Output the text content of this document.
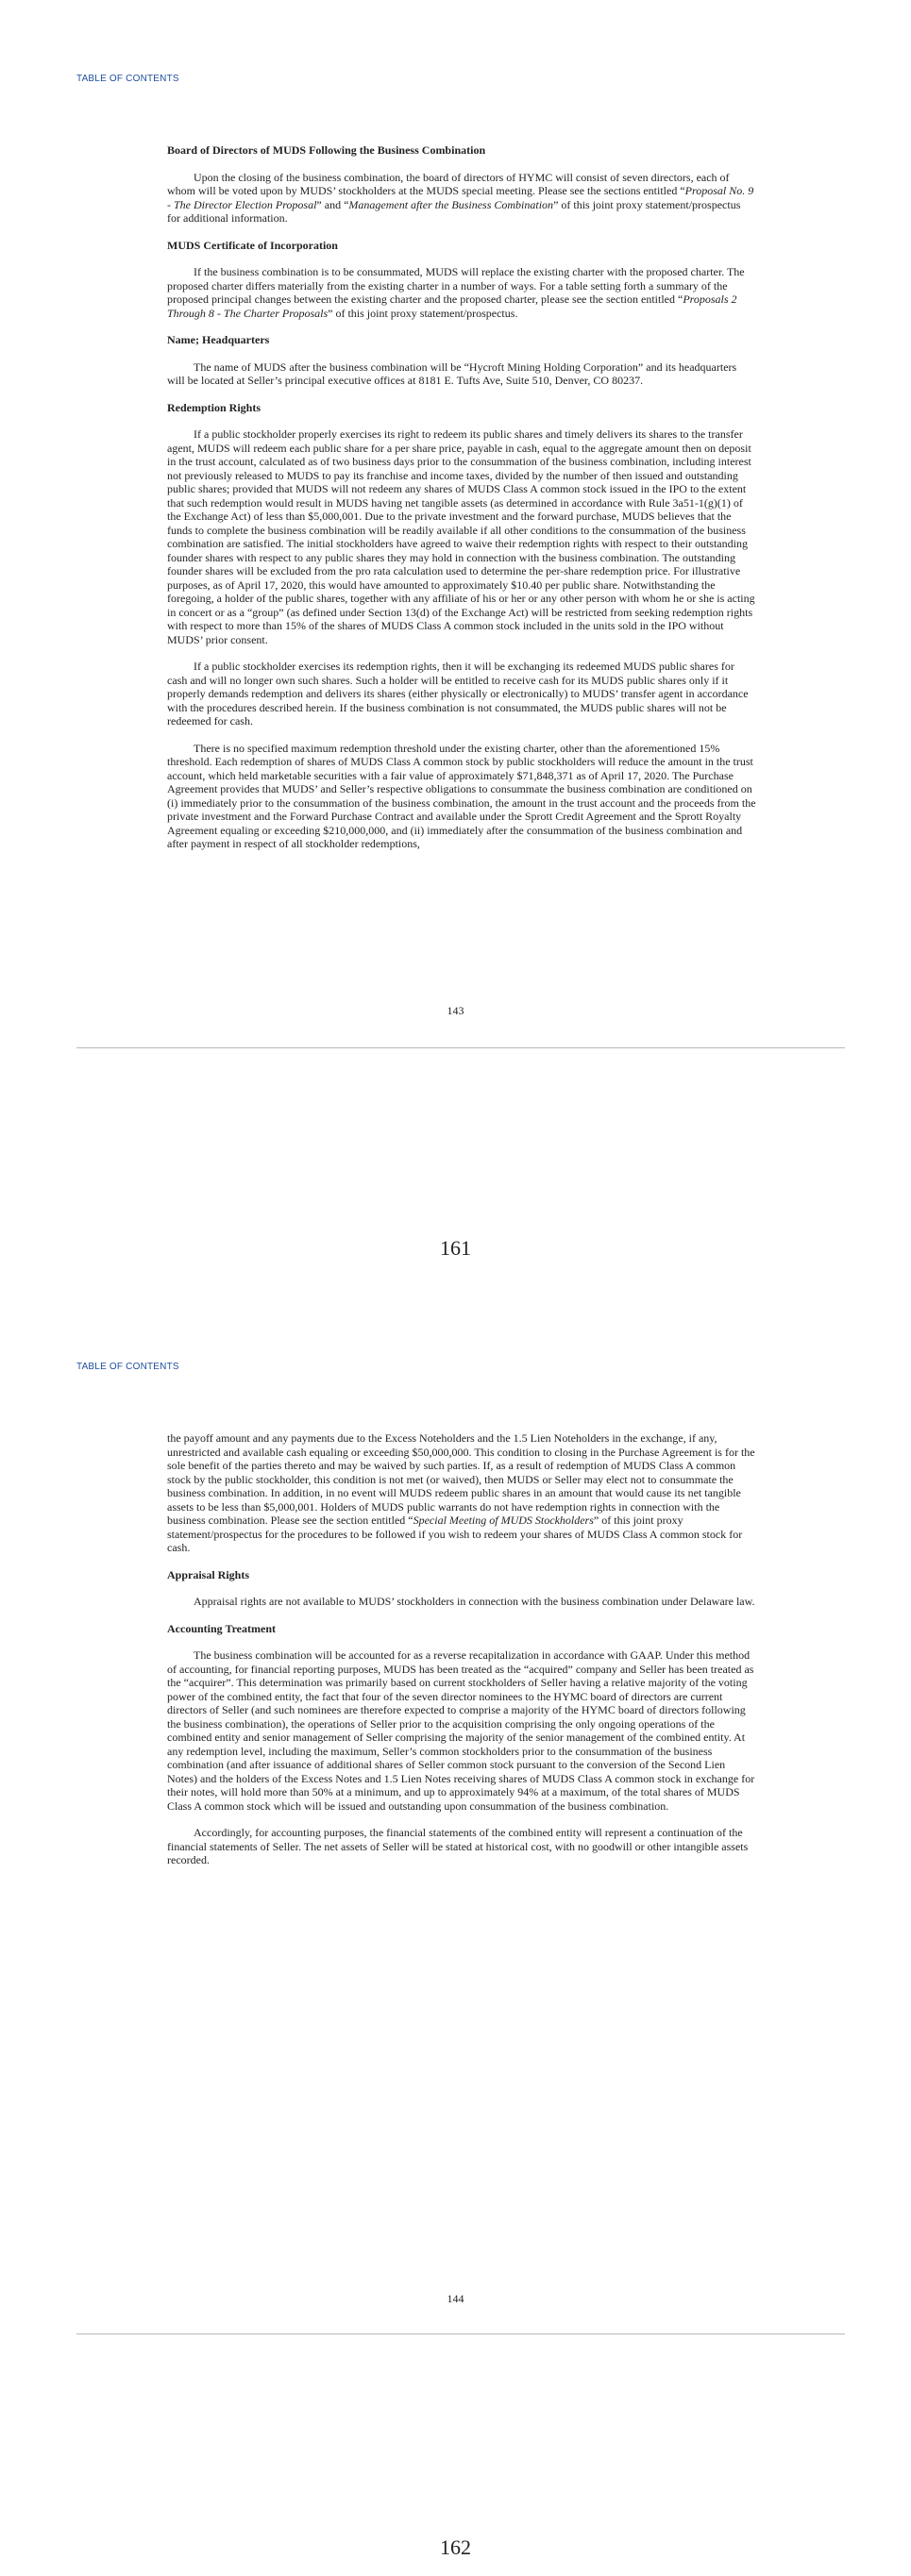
TABLE OF CONTENTS
Board of Directors of MUDS Following the Business Combination

Upon the closing of the business combination, the board of directors of HYMC will consist of seven directors, each of whom will be voted upon by MUDS’ stockholders at the MUDS special meeting. Please see the sections entitled “Proposal No. 9 - The Director Election Proposal” and “Management after the Business Combination” of this joint proxy statement/prospectus for additional information.

MUDS Certificate of Incorporation

If the business combination is to be consummated, MUDS will replace the existing charter with the proposed charter. The proposed charter differs materially from the existing charter in a number of ways. For a table setting forth a summary of the proposed principal changes between the existing charter and the proposed charter, please see the section entitled “Proposals 2 Through 8 - The Charter Proposals” of this joint proxy statement/prospectus.

Name; Headquarters

The name of MUDS after the business combination will be “Hycroft Mining Holding Corporation” and its headquarters will be located at Seller’s principal executive offices at 8181 E. Tufts Ave, Suite 510, Denver, CO 80237.

Redemption Rights

If a public stockholder properly exercises its right to redeem its public shares and timely delivers its shares to the transfer agent, MUDS will redeem each public share for a per share price, payable in cash, equal to the aggregate amount then on deposit in the trust account, calculated as of two business days prior to the consummation of the business combination, including interest not previously released to MUDS to pay its franchise and income taxes, divided by the number of then issued and outstanding public shares; provided that MUDS will not redeem any shares of MUDS Class A common stock issued in the IPO to the extent that such redemption would result in MUDS having net tangible assets (as determined in accordance with Rule 3a51-1(g)(1) of the Exchange Act) of less than $5,000,001. Due to the private investment and the forward purchase, MUDS believes that the funds to complete the business combination will be readily available if all other conditions to the consummation of the business combination are satisfied. The initial stockholders have agreed to waive their redemption rights with respect to their outstanding founder shares with respect to any public shares they may hold in connection with the business combination. The outstanding founder shares will be excluded from the pro rata calculation used to determine the per-share redemption price. For illustrative purposes, as of April 17, 2020, this would have amounted to approximately $10.40 per public share. Notwithstanding the foregoing, a holder of the public shares, together with any affiliate of his or her or any other person with whom he or she is acting in concert or as a “group” (as defined under Section 13(d) of the Exchange Act) will be restricted from seeking redemption rights with respect to more than 15% of the shares of MUDS Class A common stock included in the units sold in the IPO without MUDS’ prior consent.

If a public stockholder exercises its redemption rights, then it will be exchanging its redeemed MUDS public shares for cash and will no longer own such shares. Such a holder will be entitled to receive cash for its MUDS public shares only if it properly demands redemption and delivers its shares (either physically or electronically) to MUDS’ transfer agent in accordance with the procedures described herein. If the business combination is not consummated, the MUDS public shares will not be redeemed for cash.

There is no specified maximum redemption threshold under the existing charter, other than the aforementioned 15% threshold. Each redemption of shares of MUDS Class A common stock by public stockholders will reduce the amount in the trust account, which held marketable securities with a fair value of approximately $71,848,371 as of April 17, 2020. The Purchase Agreement provides that MUDS’ and Seller’s respective obligations to consummate the business combination are conditioned on (i) immediately prior to the consummation of the business combination, the amount in the trust account and the proceeds from the private investment and the Forward Purchase Contract and available under the Sprott Credit Agreement and the Sprott Royalty Agreement equaling or exceeding $210,000,000, and (ii) immediately after the consummation of the business combination and after payment in respect of all stockholder redemptions,

143
161
TABLE OF CONTENTS

the payoff amount and any payments due to the Excess Noteholders and the 1.5 Lien Noteholders in the exchange, if any, unrestricted and available cash equaling or exceeding $50,000,000. This condition to closing in the Purchase Agreement is for the sole benefit of the parties thereto and may be waived by such parties. If, as a result of redemption of MUDS Class A common stock by the public stockholder, this condition is not met (or waived), then MUDS or Seller may elect not to consummate the business combination. In addition, in no event will MUDS redeem public shares in an amount that would cause its net tangible assets to be less than $5,000,001. Holders of MUDS public warrants do not have redemption rights in connection with the business combination. Please see the section entitled “Special Meeting of MUDS Stockholders” of this joint proxy statement/prospectus for the procedures to be followed if you wish to redeem your shares of MUDS Class A common stock for cash.

Appraisal Rights

Appraisal rights are not available to MUDS’ stockholders in connection with the business combination under Delaware law.

Accounting Treatment

The business combination will be accounted for as a reverse recapitalization in accordance with GAAP. Under this method of accounting, for financial reporting purposes, MUDS has been treated as the “acquired” company and Seller has been treated as the “acquirer”. This determination was primarily based on current stockholders of Seller having a relative majority of the voting power of the combined entity, the fact that four of the seven director nominees to the HYMC board of directors are current directors of Seller (and such nominees are therefore expected to comprise a majority of the HYMC board of directors following the business combination), the operations of Seller prior to the acquisition comprising the only ongoing operations of the combined entity and senior management of Seller comprising the majority of the senior management of the combined entity. At any redemption level, including the maximum, Seller’s common stockholders prior to the consummation of the business combination (and after issuance of additional shares of Seller common stock pursuant to the conversion of the Second Lien Notes) and the holders of the Excess Notes and 1.5 Lien Notes receiving shares of MUDS Class A common stock in exchange for their notes, will hold more than 50% at a minimum, and up to approximately 94% at a maximum, of the total shares of MUDS Class A common stock which will be issued and outstanding upon consummation of the business combination.

Accordingly, for accounting purposes, the financial statements of the combined entity will represent a continuation of the financial statements of Seller. The net assets of Seller will be stated at historical cost, with no goodwill or other intangible assets recorded.

144
162
